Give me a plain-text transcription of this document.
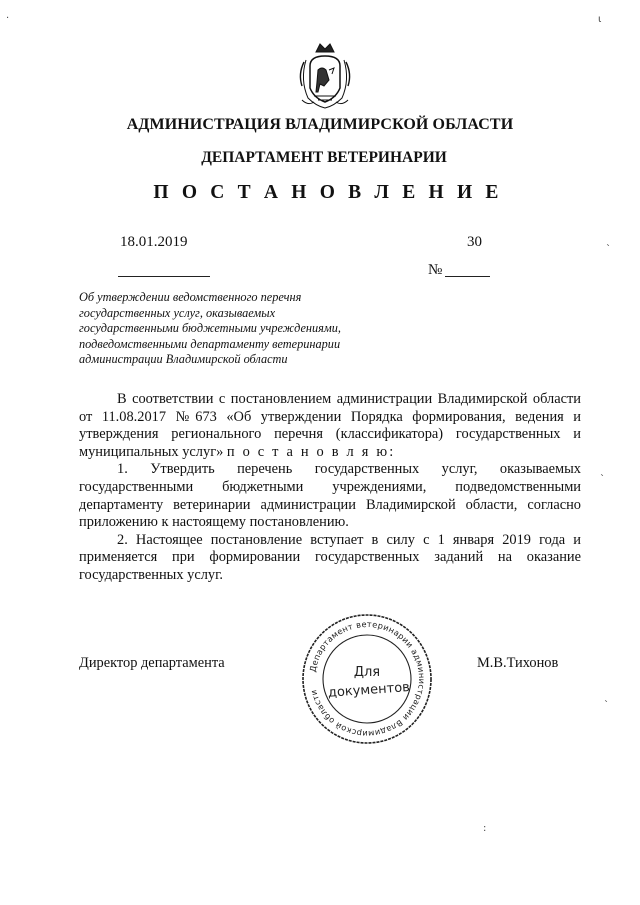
АДМИНИСТРАЦИЯ ВЛАДИМИРСКОЙ ОБЛАСТИ
ДЕПАРТАМЕНТ ВЕТЕРИНАРИИ
П О С Т А Н О В Л Е Н И Е
18.01.2019	30
№
Об утверждении ведомственного перечня
государственных услуг, оказываемых
государственными бюджетными учреждениями,
подведомственными департаменту ветеринарии
администрации Владимирской области

В соответствии с постановлением администрации Владимирской области от 11.08.2017 №673 «Об утверждении Порядка формирования, ведения и утверждения регионального перечня (классификатора) государственных и муниципальных услуг» п о с т а н о в л я ю:

1. Утвердить перечень государственных услуг, оказываемых государственными бюджетными учреждениями, подведомственными департаменту ветеринарии администрации Владимирской области, согласно приложению к настоящему постановлению.

2. Настоящее постановление вступает в силу с 1 января 2019 года и применяется при формировании государственных заданий на оказание государственных услуг.

Директор департамента	М.В.Тихонов
Департамент ветеринарии администрации Владимирской области
Для
документов
.	ι
ˋ
ˋ
ˋ
:
